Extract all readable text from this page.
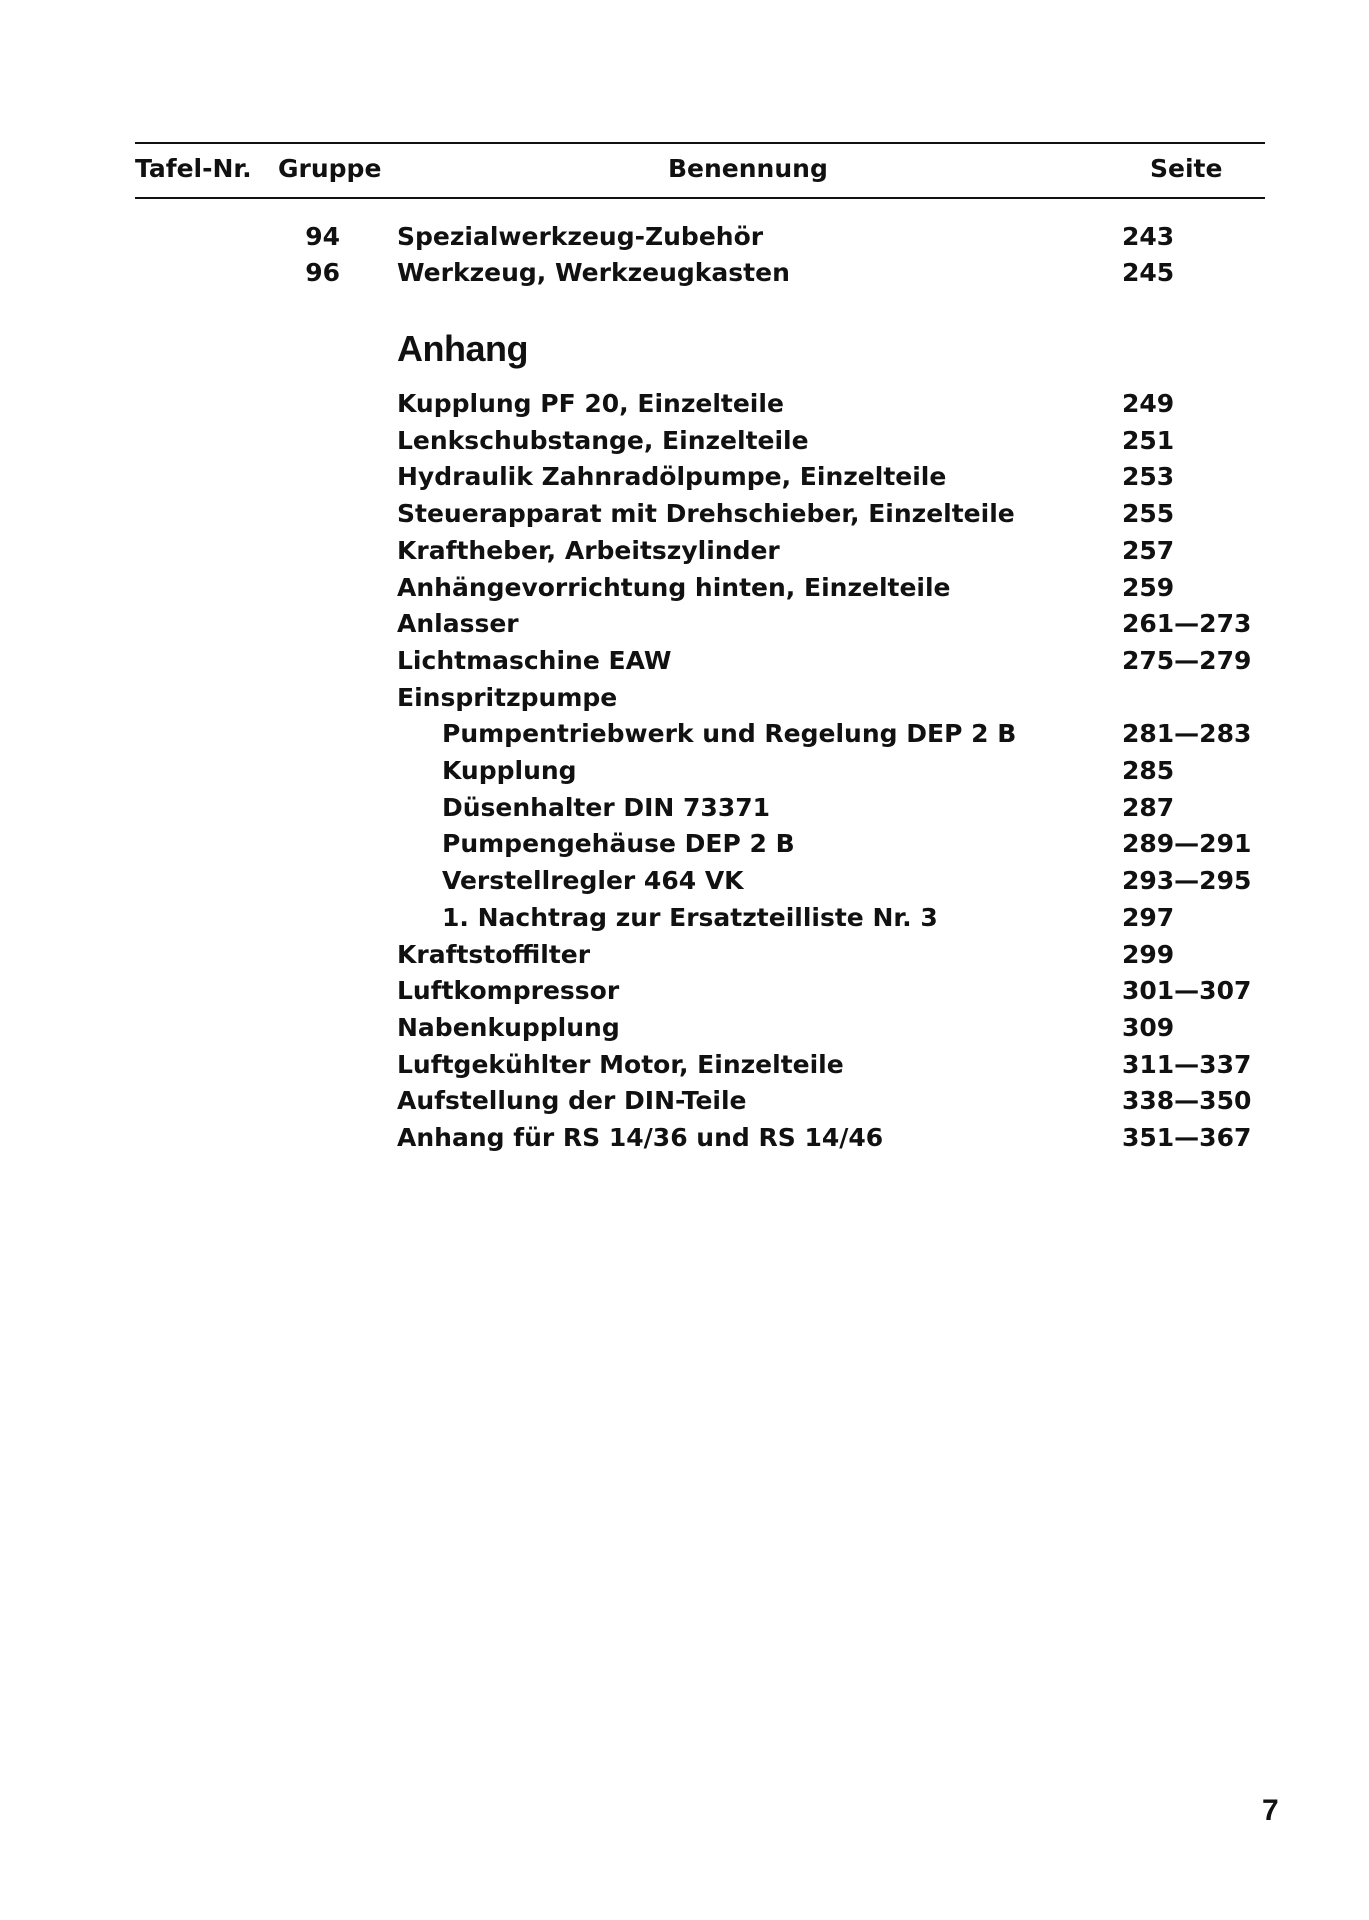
Tafel-Nr. Gruppe	Benennung	Seite
94 Spezialwerkzeug-Zubehör	243
96 Werkzeug, Werkzeugkasten	245
Anhang
Kupplung PF 20, Einzelteile	249
Lenkschubstange, Einzelteile	251
Hydraulik Zahnradölpumpe, Einzelteile	253
Steuerapparat mit Drehschieber, Einzelteile	255
Kraftheber, Arbeitszylinder	257
Anhängevorrichtung hinten, Einzelteile	259
Anlasser	261—273
Lichtmaschine EAW	275—279
Einspritzpumpe
Pumpentriebwerk und Regelung DEP 2 B	281—283
Kupplung	285
Düsenhalter DIN 73371	287
Pumpengehäuse DEP 2 B	289—291
Verstellregler 464 VK	293—295
1. Nachtrag zur Ersatzteilliste Nr. 3	297
Kraftstoffilter	299
Luftkompressor	301—307
Nabenkupplung	309
Luftgekühlter Motor, Einzelteile	311—337
Aufstellung der DIN-Teile	338—350
Anhang für RS 14/36 und RS 14/46	351—367
7
